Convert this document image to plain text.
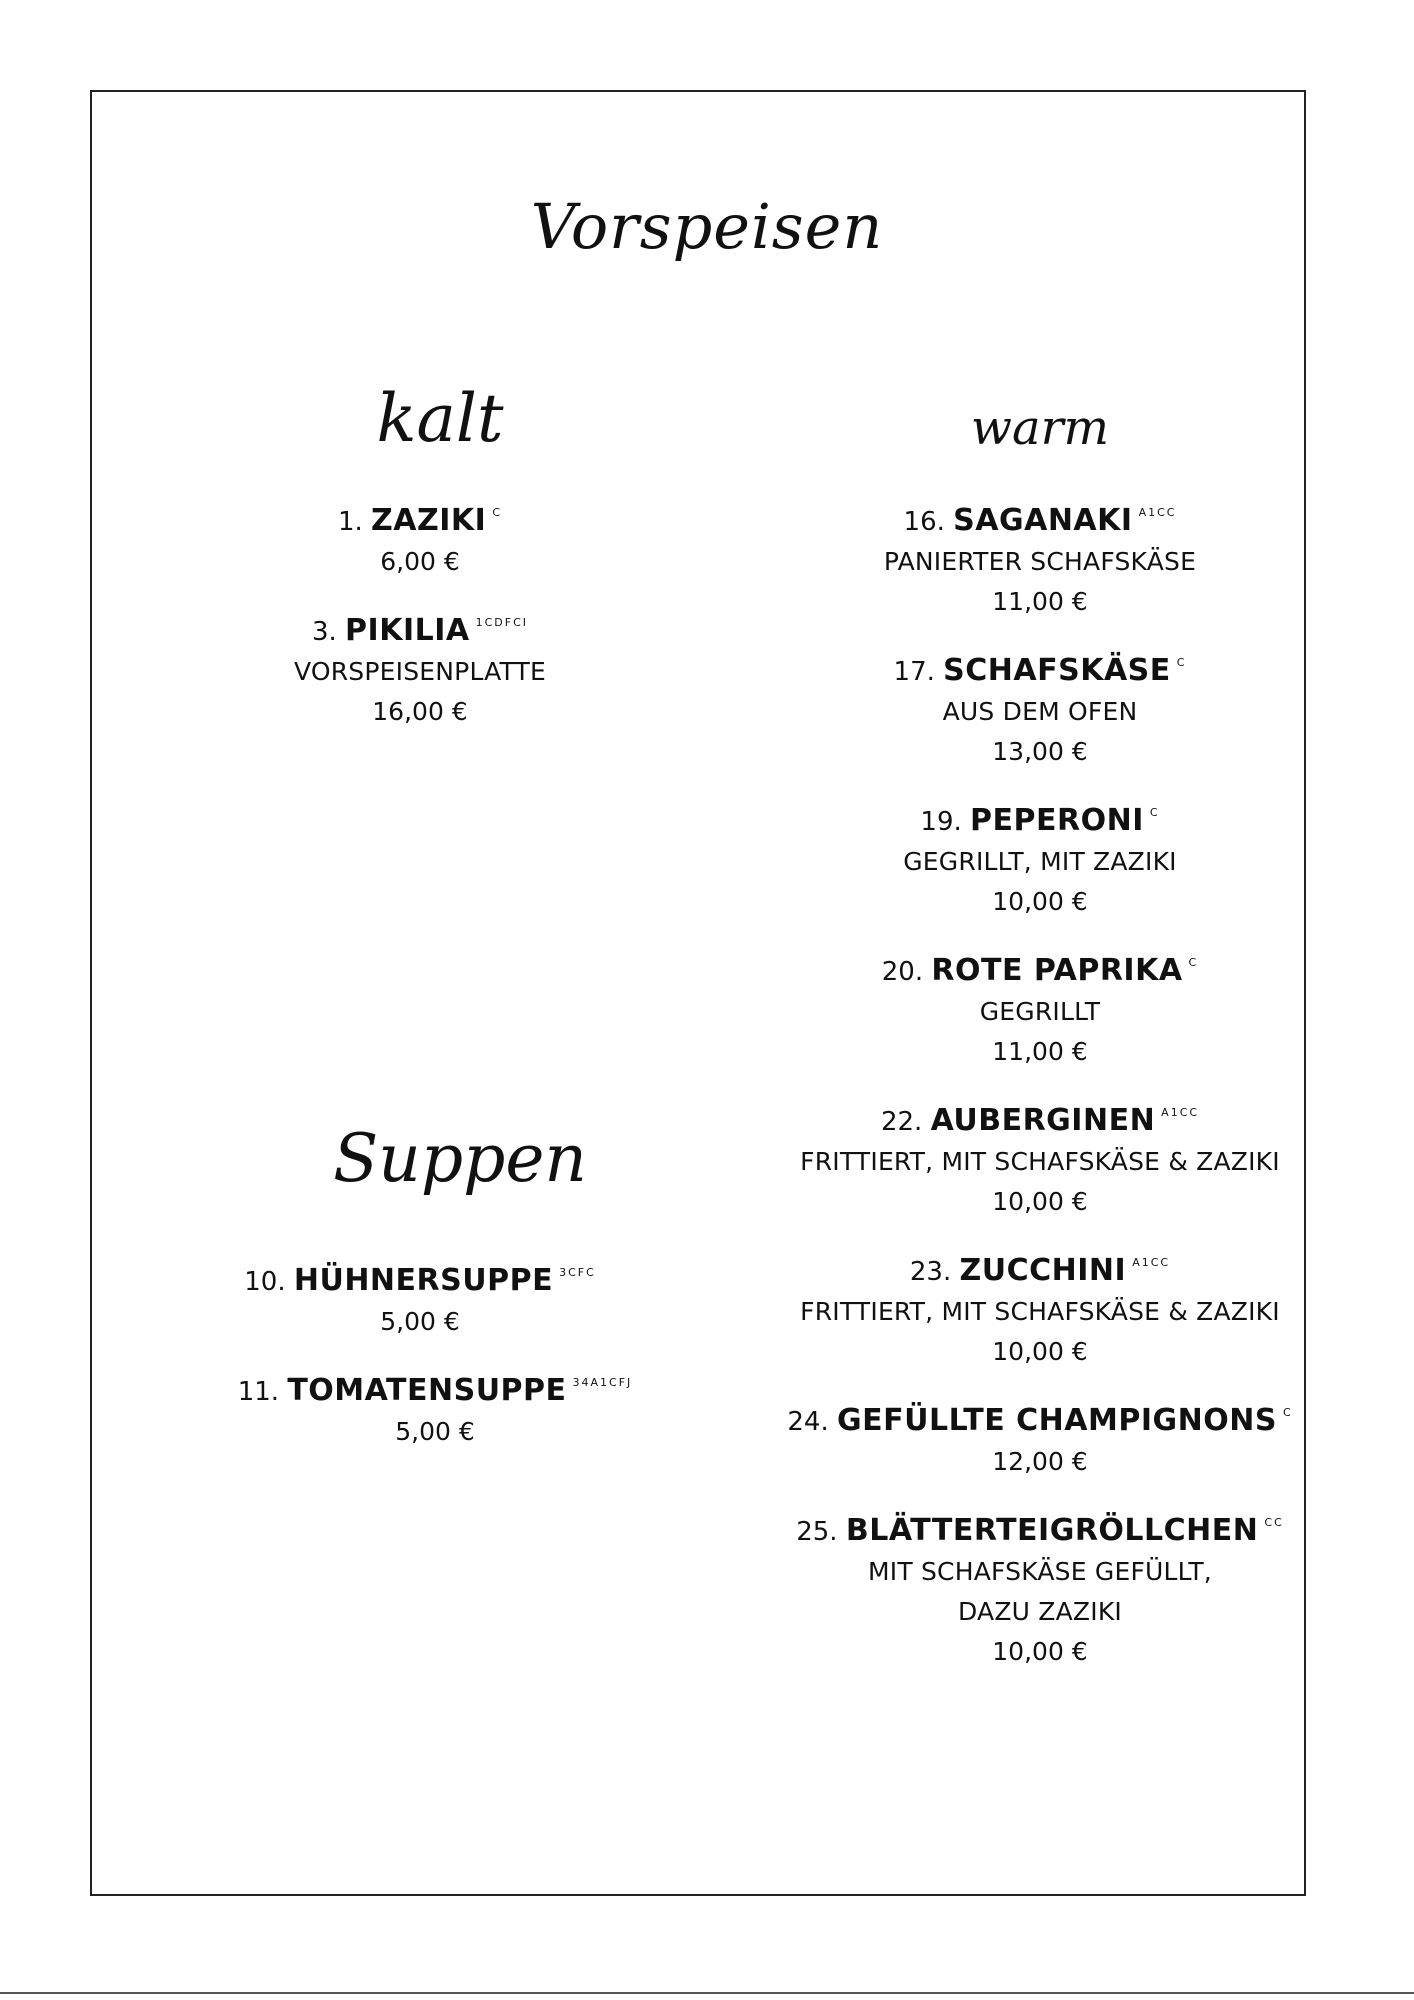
Vorspeisen
kalt	warm
Suppen
1. ZAZIKI $^C$
6,00 €
3. PIKILIA $^{1CDFCI}$
VORSPEISENPLATTE
16,00 €
10. HÜHNERSUPPE $^{3CFC}$
5,00 €
11. TOMATENSUPPE $^{34A1CFJ}$
5,00 €
16. SAGANAKI $^{A1CC}$
PANIERTER SCHAFSKÄSE
11,00 €
17. SCHAFSKÄSE $^C$
AUS DEM OFEN
13,00 €
19. PEPERONI $^C$
GEGRILLT, MIT ZAZIKI
10,00 €
20. ROTE PAPRIKA $^C$
GEGRILLT
11,00 €
22. AUBERGINEN $^{A1CC}$
FRITTIERT, MIT SCHAFSKÄSE & ZAZIKI
10,00 €
23. ZUCCHINI $^{A1CC}$
FRITTIERT, MIT SCHAFSKÄSE & ZAZIKI
10,00 €
24. GEFÜLLTE CHAMPIGNONS $^C$
12,00 €
25. BLÄTTERTEIGRÖLLCHEN $^{CC}$
MIT SCHAFSKÄSE GEFÜLLT,
DAZU ZAZIKI
10,00 €
